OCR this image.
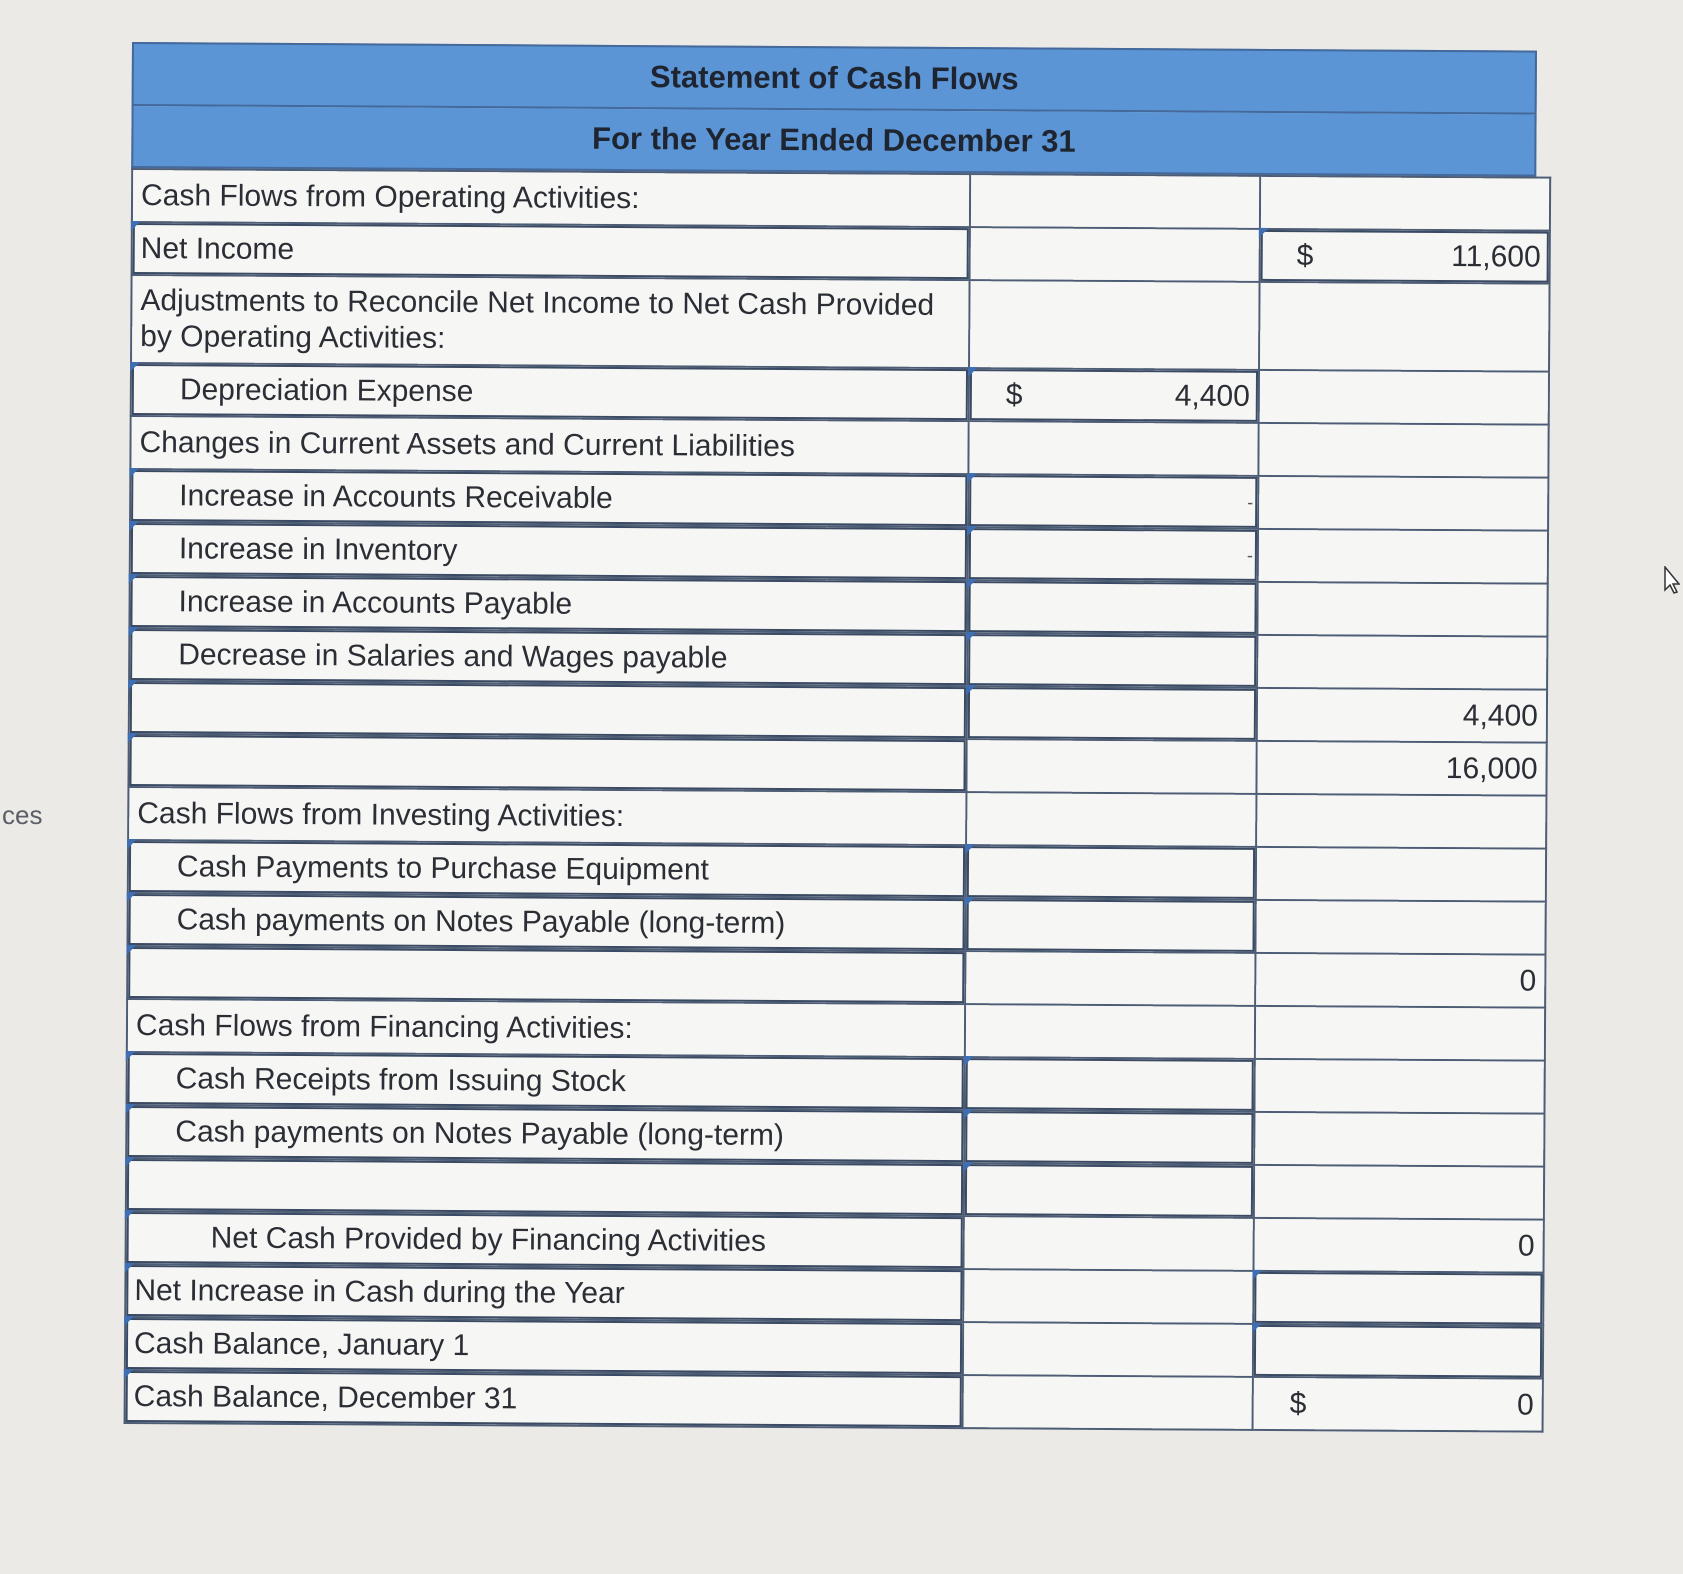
ces
Statement of Cash Flows
For the Year Ended December 31
Cash Flows from Operating Activities:		
Net Income		$ 11,600
Adjustments to Reconcile Net Income to Net Cash Provided by Operating Activities:		
Depreciation Expense	$ 4,400	
Changes in Current Assets and Current Liabilities		
Increase in Accounts Receivable	-	

Increase in Inventory	-	

Increase in Accounts Payable		
Decrease in Salaries and Wages payable		
		4,400
		16,000
Cash Flows from Investing Activities:		
Cash Payments to Purchase Equipment		
Cash payments on Notes Payable (long-term)		
		0
Cash Flows from Financing Activities:		
Cash Receipts from Issuing Stock		
Cash payments on Notes Payable (long-term)		

Net Cash Provided by Financing Activities		0
Net Increase in Cash during the Year		
Cash Balance, January 1		
Cash Balance, December 31		$ 0
